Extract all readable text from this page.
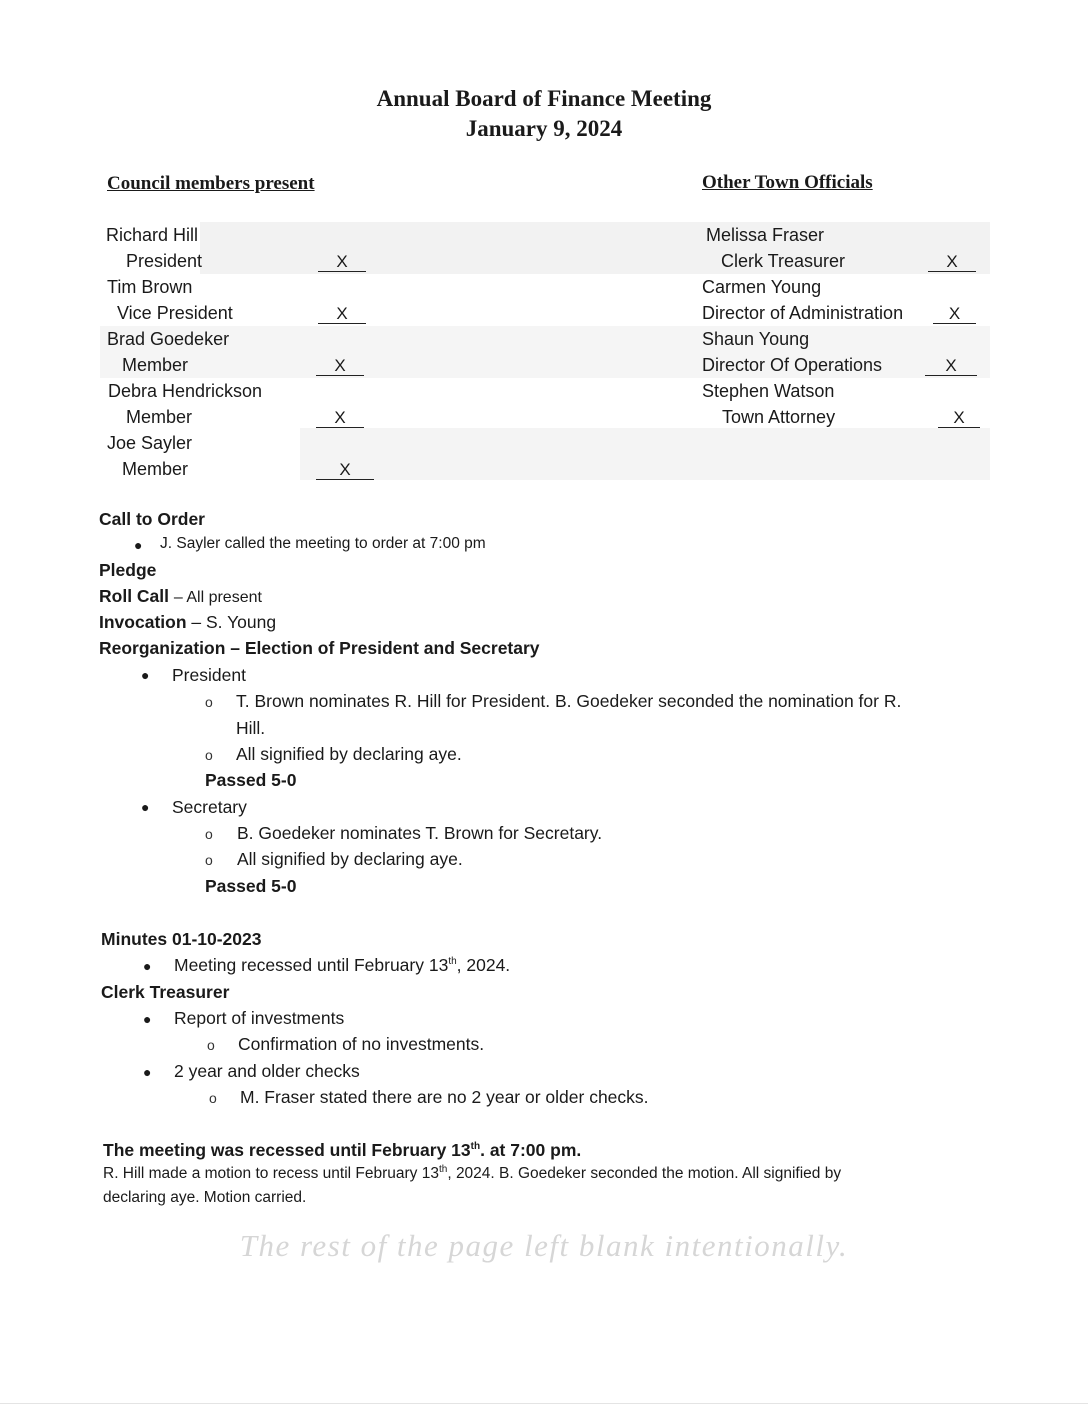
Annual Board of Finance Meeting
January 9, 2024
Council members present	Other Town Officials
Richard Hill
President	X
Tim Brown
Vice President	X
Brad Goedeker
Member	X
Debra Hendrickson
Member	X
Joe Sayler
Member	X
Melissa Fraser
Clerk Treasurer	X
Carmen Young
Director of Administration	X
Shaun Young
Director Of Operations	X
Stephen Watson
Town Attorney	X
Call to Order
● J. Sayler called the meeting to order at 7:00 pm
Pledge
Roll Call – All present
Invocation – S. Young
Reorganization – Election of President and Secretary
● President
o T. Brown nominates R. Hill for President. B. Goedeker seconded the nomination for R.
Hill.
o All signified by declaring aye.
Passed 5-0
● Secretary
o B. Goedeker nominates T. Brown for Secretary.
o All signified by declaring aye.
Passed 5-0
Minutes 01-10-2023
● Meeting recessed until February 13th, 2024.
Clerk Treasurer
● Report of investments
o Confirmation of no investments.
● 2 year and older checks
o M. Fraser stated there are no 2 year or older checks.
The meeting was recessed until February 13th. at 7:00 pm.
R. Hill made a motion to recess until February 13th, 2024. B. Goedeker seconded the motion. All signified by
declaring aye. Motion carried.
The rest of the page left blank intentionally.
